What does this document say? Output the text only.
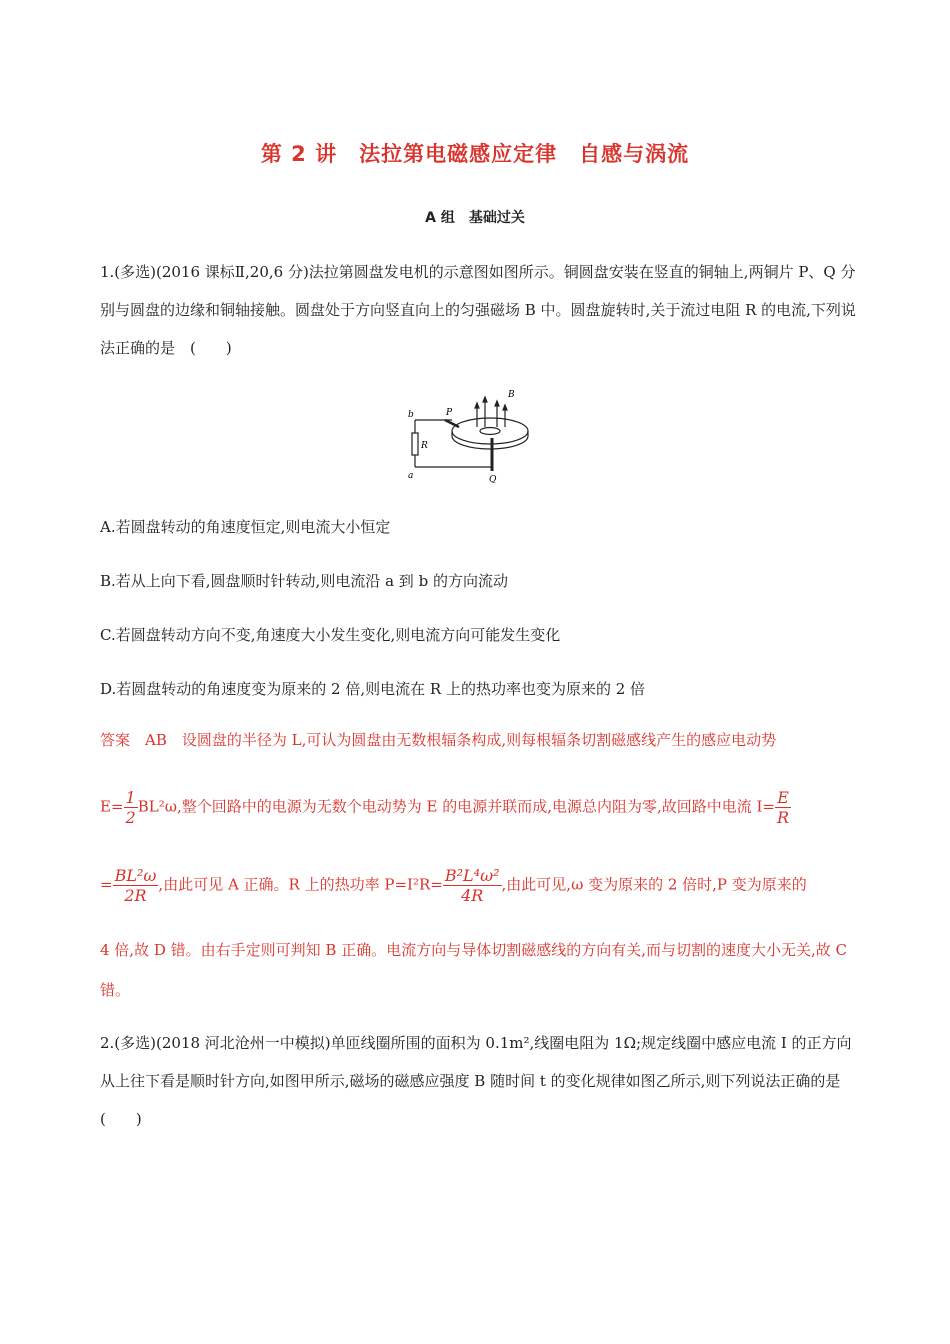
第 2 讲　法拉第电磁感应定律　自感与涡流
A 组　基础过关
1.(多选)(2016 课标Ⅱ,20,6 分)法拉第圆盘发电机的示意图如图所示。铜圆盘安装在竖直的铜轴上,两铜片 P、Q 分别与圆盘的边缘和铜轴接触。圆盘处于方向竖直向上的匀强磁场 B 中。圆盘旋转时,关于流过电阻 R 的电流,下列说法正确的是　(　　)
b	P
R
a	Q
B
A.若圆盘转动的角速度恒定,则电流大小恒定
B.若从上向下看,圆盘顺时针转动,则电流沿 a 到 b 的方向流动
C.若圆盘转动方向不变,角速度大小发生变化,则电流方向可能发生变化
D.若圆盘转动的角速度变为原来的 2 倍,则电流在 R 上的热功率也变为原来的 2 倍
答案　AB　设圆盘的半径为 L,可认为圆盘由无数根辐条构成,则每根辐条切割磁感线产生的感应电动势
$E= \frac{1}{2} BL^2\omega$,整个回路中的电源为无数个电动势为 E 的电源并联而成,电源总内阻为零,故回路中电流 $I= \frac{E}{R}$
= $\frac{\text{BL²ω}}{2R}$ ,由此可见 A 正确。R 上的热功率 $P=I^2R= \frac{\text{B²L⁴ω²}}{4R}$ ,由此可见,ω 变为原来的 2 倍时,P 变为原来的
4 倍,故 D 错。由右手定则可判知 B 正确。电流方向与导体切割磁感线的方向有关,而与切割的速度大小无关,故 C 错。
2.(多选)(2018 河北沧州一中模拟)单匝线圈所围的面积为 0.1m²,线圈电阻为 1Ω;规定线圈中感应电流 I 的正方向从上往下看是顺时针方向,如图甲所示,磁场的磁感应强度 B 随时间 t 的变化规律如图乙所示,则下列说法正确的是(　　)
